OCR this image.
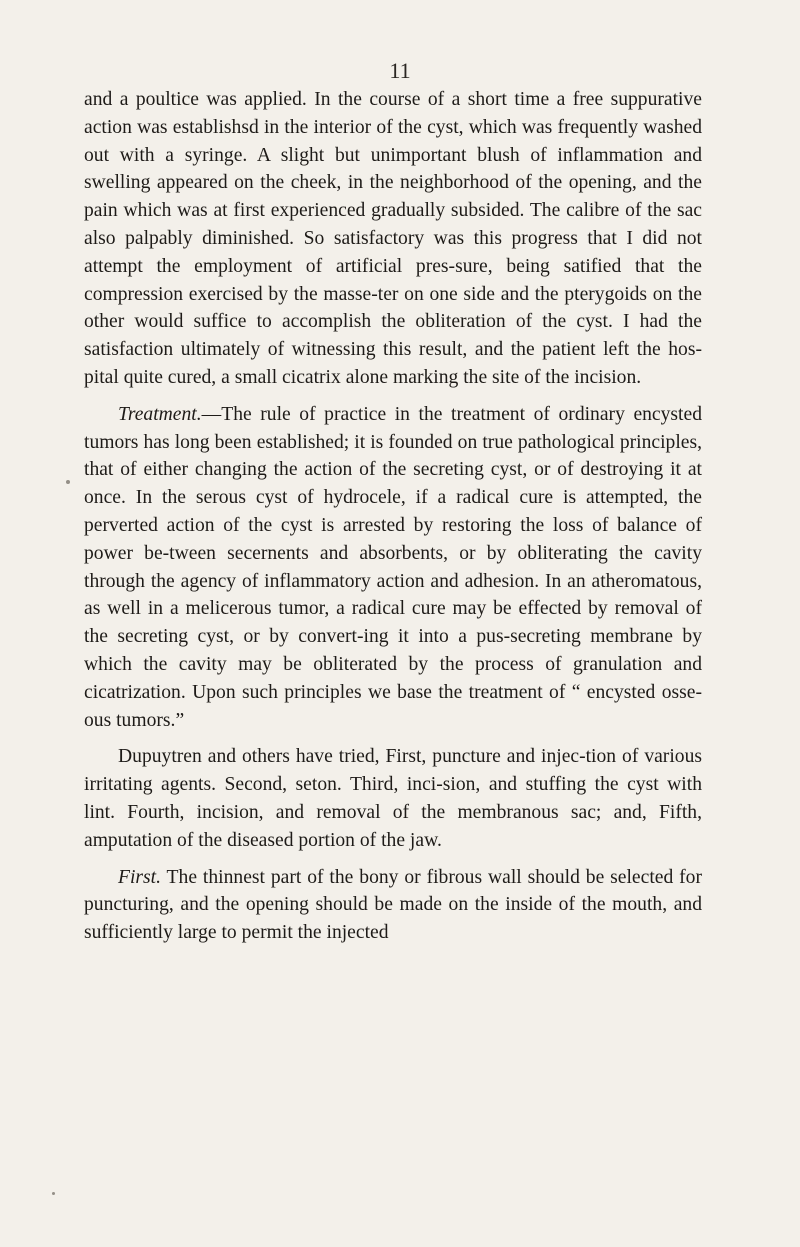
11

and a poultice was applied. In the course of a short time a free suppurative action was establishsd in the interior of the cyst, which was frequently washed out with a syringe. A slight but unimportant blush of inflammation and swelling appeared on the cheek, in the neighborhood of the opening, and the pain which was at first experienced gradually subsided. The calibre of the sac also palpably diminished. So satisfactory was this progress that I did not attempt the employment of artificial pres-sure, being satified that the compression exercised by the masse-ter on one side and the pterygoids on the other would suffice to accomplish the obliteration of the cyst. I had the satisfaction ultimately of witnessing this result, and the patient left the hos-pital quite cured, a small cicatrix alone marking the site of the incision.

Treatment.—The rule of practice in the treatment of ordinary encysted tumors has long been established; it is founded on true pathological principles, that of either changing the action of the secreting cyst, or of destroying it at once. In the serous cyst of hydrocele, if a radical cure is attempted, the perverted action of the cyst is arrested by restoring the loss of balance of power be-tween secernents and absorbents, or by obliterating the cavity through the agency of inflammatory action and adhesion. In an atheromatous, as well in a melicerous tumor, a radical cure may be effected by removal of the secreting cyst, or by convert-ing it into a pus-secreting membrane by which the cavity may be obliterated by the process of granulation and cicatrization. Upon such principles we base the treatment of “ encysted osse-ous tumors.”

Dupuytren and others have tried, First, puncture and injec-tion of various irritating agents. Second, seton. Third, inci-sion, and stuffing the cyst with lint. Fourth, incision, and removal of the membranous sac; and, Fifth, amputation of the diseased portion of the jaw.

First. The thinnest part of the bony or fibrous wall should be selected for puncturing, and the opening should be made on the inside of the mouth, and sufficiently large to permit the injected
